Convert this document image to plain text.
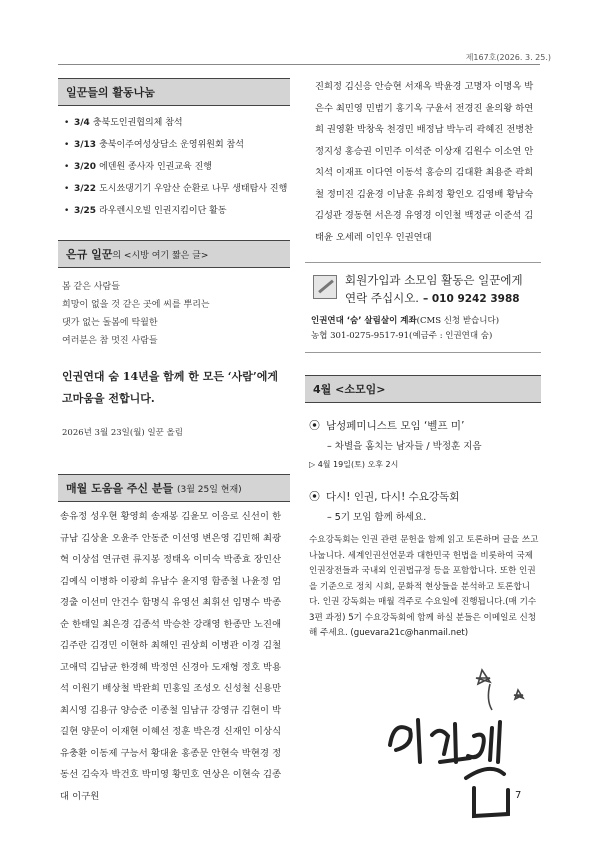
제167호(2026. 3. 25.)
일꾼들의 활동나눔
• 3/4 충북도인권협의체 참석
• 3/13 충북이주여성상담소 운영위원회 참석
• 3/20 에덴원 종사자 인권교육 진행
• 3/22 도시쑈댕기기 우암산 순환로 나무 생태탐사 진행
• 3/25 라우렌시오빌 인권지킴이단 활동
은규 일꾼의 <시방 여기 짧은 글>
봄 같은 사람들
희망이 없을 것 같은 곳에 씨를 뿌리는
댓가 없는 돌봄에 탁월한
여러분은 참 멋진 사람들
인권연대 숨 14년을 함께 한 모든 ‘사람’에게 고마움을 전합니다.
2026년 3월 23일(월) 일꾼 올림
매월 도움을 주신 분들 (3월 25일 현재)
송유정 성우현 황영희 송재봉 김윤모 이응로 신선이 한규남 김상윤 오윤주 안동준 이선영 변은영 김민해 최광혁 이상섭 연규련 류지봉 정태옥 이미숙 박종효 장인산 김예식 이병하 이광희 유남수 윤지영 함종철 나윤정 엄경출 이선미 안건수 함명식 유영선 최휘선 임명수 박종순 한태일 최은경 김종석 박승찬 강래영 한종만 노진애 김주란 김경민 이현하 최해인 권상희 이병관 이경 김철 고애덕 김남균 한경혜 박정연 신경아 도재형 정호 박용석 이원기 배상철 박완희 민홍일 조성오 신성철 신용만 최시영 김용규 양승준 이종철 임남규 강영규 김현이 박길현 양문이 이재현 이혜선 정훈 박은경 신재인 이상식 유충환 이동제 구능서 황대윤 홍종문 안현숙 박현경 정동선 김숙자 박건호 박미영 황민호 연상은 이현숙 김종대 이구원
진희정 김신응 안승현 서재옥 박윤경 고명자 이명옥 박은수 최민영 민범기 홍기옥 구윤서 전경진 윤의왕 하연희 권영환 박창욱 천경민 배정남 박누리 곽혜진 전병찬 정지성 홍승권 이민주 이석준 이상재 김원수 이소연 안치석 이재표 이다연 이동석 홍승의 김대환 최용준 곽희철 정미진 김윤경 이남훈 유희정 황인오 김영배 황남숙 김성관 경동현 서은경 유영경 이인철 백정균 이준석 김태윤 오세레 이인우 인권연대
회원가입과 소모임 활동은 일꾼에게
연락 주십시오. – 010 9242 3988
인권연대 ‘숨’ 살림살이 계좌(CMS 신청 받습니다)
농협 301-0275-9517-91(예금주 : 인권연대 숨)
4월 <소모임>
⦿ 남성페미니스트 모임 ‘벨프 미’
– 차별을 훔치는 남자들 / 박정훈 지음
▷ 4월 19일(토) 오후 2시
⦿ 다시! 인권, 다시! 수요강독회
– 5기 모임 함께 하세요.
수요강독회는 인권 관련 문헌을 함께 읽고 토론하며 글을 쓰고 나눕니다. 세계인권선언문과 대한민국 헌법을 비롯하여 국제인권장전들과 국내외 인권법규정 등을 포함합니다. 또한 인권을 기준으로 정치 시회, 문화적 현상들을 분석하고 토론합니다. 인권 강독회는 매월 격주로 수요일에 진행됩니다.(매 기수 3편 과정) 5기 수요강독회에 함께 하실 분들은 이메일로 신청해 주세요. (guevara21c@hanmail.net)
7
